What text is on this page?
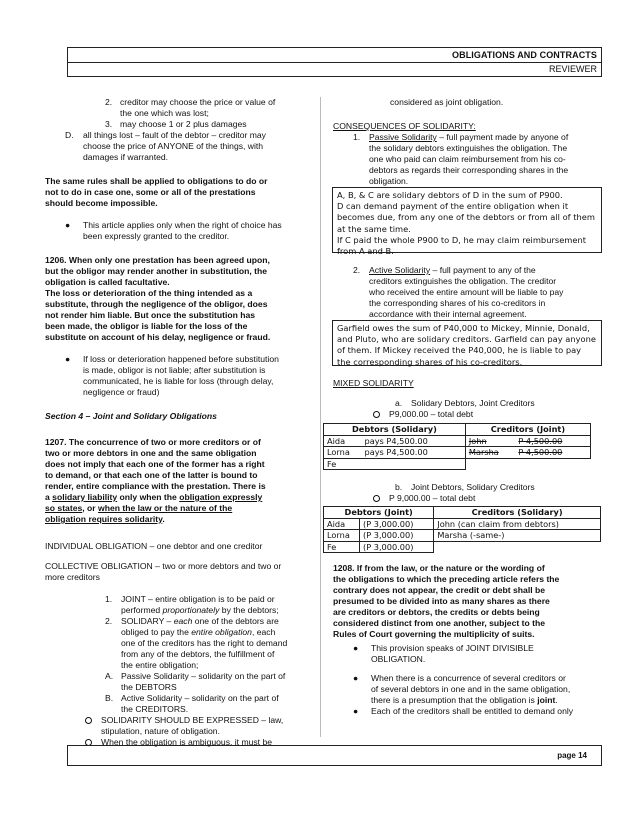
OBLIGATIONS AND CONTRACTS
REVIEWER
2. creditor may choose the price or value of
the one which was lost;
3. may choose 1 or 2 plus damages
D. all things lost – fault of the debtor – creditor may
choose the price of ANYONE of the things, with
damages if warranted.
The same rules shall be applied to obligations to do or
not to do in case one, some or all of the prestations
should become impossible.
● This article applies only when the right of choice has
been expressly granted to the creditor.
1206. When only one prestation has been agreed upon,
but the obligor may render another in substitution, the
obligation is called facultative.
The loss or deterioration of the thing intended as a
substitute, through the negligence of the obligor, does
not render him liable. But once the substitution has
been made, the obligor is liable for the loss of the
substitute on account of his delay, negligence or fraud.
● If loss or deterioration happened before substitution
is made, obligor is not liable; after substitution is
communicated, he is liable for loss (through delay,
negligence or fraud)
Section 4 – Joint and Solidary Obligations
1207. The concurrence of two or more creditors or of
two or more debtors in one and the same obligation
does not imply that each one of the former has a right
to demand, or that each one of the latter is bound to
render, entire compliance with the prestation. There is
a solidary liability only when the obligation expressly
so states, or when the law or the nature of the
obligation requires solidarity.
INDIVIDUAL OBLIGATION – one debtor and one creditor
COLLECTIVE OBLIGATION – two or more debtors and two or
more creditors
1. JOINT – entire obligation is to be paid or
performed proportionately by the debtors;
2. SOLIDARY – each one of the debtors are
obliged to pay the entire obligation, each
one of the creditors has the right to demand
from any of the debtors, the fulfillment of
the entire obligation;
A. Passive Solidarity – solidarity on the part of
the DEBTORS
B. Active Solidarity – solidarity on the part of
the CREDITORS.
SOLIDARITY SHOULD BE EXPRESSED – law,
stipulation, nature of obligation.
When the obligation is ambiguous, it must be
considered as joint obligation.
CONSEQUENCES OF SOLIDARITY:
1. Passive Solidarity – full payment made by anyone of
the solidary debtors extinguishes the obligation. The
one who paid can claim reimbursement from his co-
debtors as regards their corresponding shares in the
obligation.
A, B, & C are solidary debtors of D in the sum of P900.
D can demand payment of the entire obligation when it
becomes due, from any one of the debtors or from all of them
at the same time.
If C paid the whole P900 to D, he may claim reimbursement
from A and B.
2. Active Solidarity – full payment to any of the
creditors extinguishes the obligation. The creditor
who received the entire amount will be liable to pay
the corresponding shares of his co-creditors in
accordance with their internal agreement.
Garfield owes the sum of P40,000 to Mickey, Minnie, Donald,
and Pluto, who are solidary creditors. Garfield can pay anyone
of them. If Mickey received the P40,000, he is liable to pay
the corresponding shares of his co-creditors.
MIXED SOLIDARITY
a. Solidary Debtors, Joint Creditors
P9,000.00 – total debt
Debtors (Solidary)		Creditors (Joint)	
Aida	pays P4,500.00	John	P 4,500.00
Lorna	pays P4,500.00	Marsha	P 4,500.00
Fe			
b. Joint Debtors, Solidary Creditors
P 9,000.00 – total debt
Debtors (Joint)		Creditors (Solidary)
Aida	(P 3,000.00)	John (can claim from debtors)
Lorna	(P 3,000.00)	Marsha (-same-)
Fe	(P 3,000.00)	
1208. If from the law, or the nature or the wording of
the obligations to which the preceding article refers the
contrary does not appear, the credit or debt shall be
presumed to be divided into as many shares as there
are creditors or debtors, the credits or debts being
considered distinct from one another, subject to the
Rules of Court governing the multiplicity of suits.
● This provision speaks of JOINT DIVISIBLE
OBLIGATION.
● When there is a concurrence of several creditors or
of several debtors in one and in the same obligation,
there is a presumption that the obligation is joint.
● Each of the creditors shall be entitled to demand only
page 14
